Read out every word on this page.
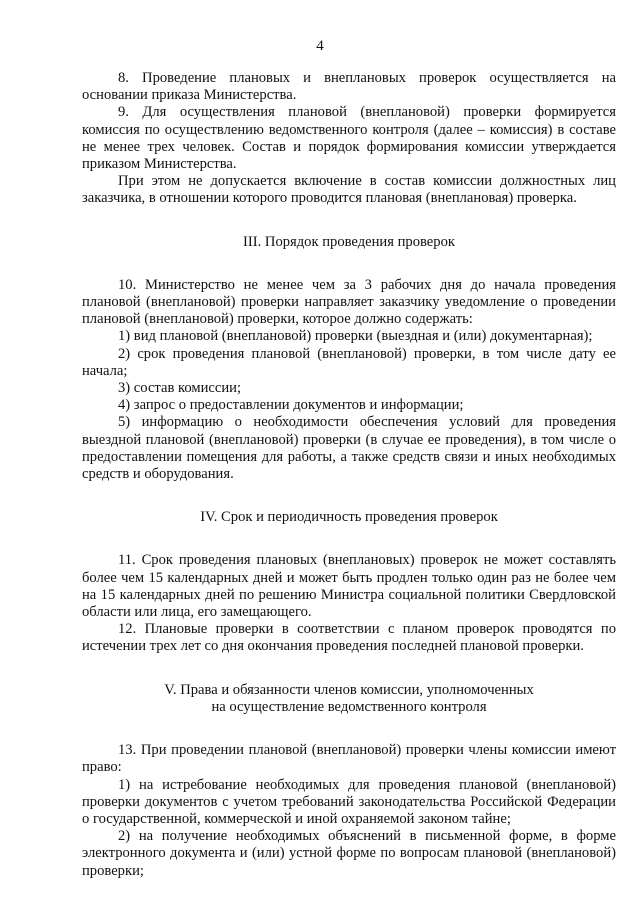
4

8. Проведение плановых и внеплановых проверок осуществляется на основании приказа Министерства.

9. Для осуществления плановой (внеплановой) проверки формируется комиссия по осуществлению ведомственного контроля (далее – комиссия) в составе не менее трех человек. Состав и порядок формирования комиссии утверждается приказом Министерства.

При этом не допускается включение в состав комиссии должностных лиц заказчика, в отношении которого проводится плановая (внеплановая) проверка.

III. Порядок проведения проверок

10. Министерство не менее чем за 3 рабочих дня до начала проведения плановой (внеплановой) проверки направляет заказчику уведомление о проведении плановой (внеплановой) проверки, которое должно содержать:

1) вид плановой (внеплановой) проверки (выездная и (или) документарная);

2) срок проведения плановой (внеплановой) проверки, в том числе дату ее начала;

3) состав комиссии;

4) запрос о предоставлении документов и информации;

5) информацию о необходимости обеспечения условий для проведения выездной плановой (внеплановой) проверки (в случае ее проведения), в том числе о предоставлении помещения для работы, а также средств связи и иных необходимых средств и оборудования.

IV. Срок и периодичность проведения проверок

11. Срок проведения плановых (внеплановых) проверок не может составлять более чем 15 календарных дней и может быть продлен только один раз не более чем на 15 календарных дней по решению Министра социальной политики Свердловской области или лица, его замещающего.

12. Плановые проверки в соответствии с планом проверок проводятся по истечении трех лет со дня окончания проведения последней плановой проверки.

V. Права и обязанности членов комиссии, уполномоченных
на осуществление ведомственного контроля

13. При проведении плановой (внеплановой) проверки члены комиссии имеют право:

1) на истребование необходимых для проведения плановой (внеплановой) проверки документов с учетом требований законодательства Российской Федерации о государственной, коммерческой и иной охраняемой законом тайне;

2) на получение необходимых объяснений в письменной форме, в форме электронного документа и (или) устной форме по вопросам плановой (внеплановой) проверки;
